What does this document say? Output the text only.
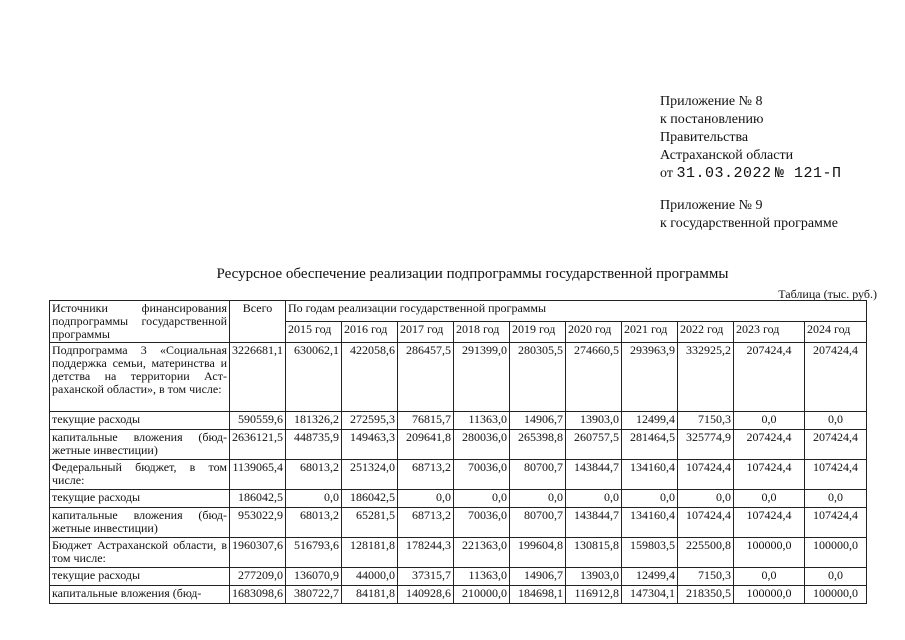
Приложение № 8
к постановлению
Правительства
Астраханской области
от 31.03.2022 № 121-П
Приложение № 9
к государственной программе
Ресурсное обеспечение реализации подпрограммы государственной программы
Таблица (тыс. руб.)
Источники финансирования подпрограммы государственной программы	Всего	По годам реализации государственной программы									
		2015 год	2016 год	2017 год	2018 год	2019 год	2020 год	2021 год	2022 год	2023 год	2024 год
Подпрограмма 3 «Социальная поддержка семьи, материнства и детства на территории Астраханской области», в том числе:	3226681,1	630062,1	422058,6	286457,5	291399,0	280305,5	274660,5	293963,9	332925,2	207424,4	207424,4
текущие расходы	590559,6	181326,2	272595,3	76815,7	11363,0	14906,7	13903,0	12499,4	7150,3	0,0	0,0
капитальные вложения (бюджетные инвестиции)	2636121,5	448735,9	149463,3	209641,8	280036,0	265398,8	260757,5	281464,5	325774,9	207424,4	207424,4
Федеральный бюджет, в том числе:	1139065,4	68013,2	251324,0	68713,2	70036,0	80700,7	143844,7	134160,4	107424,4	107424,4	107424,4
текущие расходы	186042,5	0,0	186042,5	0,0	0,0	0,0	0,0	0,0	0,0	0,0	0,0
капитальные вложения (бюджетные инвестиции)	953022,9	68013,2	65281,5	68713,2	70036,0	80700,7	143844,7	134160,4	107424,4	107424,4	107424,4
Бюджет Астраханской области, в том числе:	1960307,6	516793,6	128181,8	178244,3	221363,0	199604,8	130815,8	159803,5	225500,8	100000,0	100000,0
текущие расходы	277209,0	136070,9	44000,0	37315,7	11363,0	14906,7	13903,0	12499,4	7150,3	0,0	0,0
капитальные вложения (бюд-	1683098,6	380722,7	84181,8	140928,6	210000,0	184698,1	116912,8	147304,1	218350,5	100000,0	100000,0
